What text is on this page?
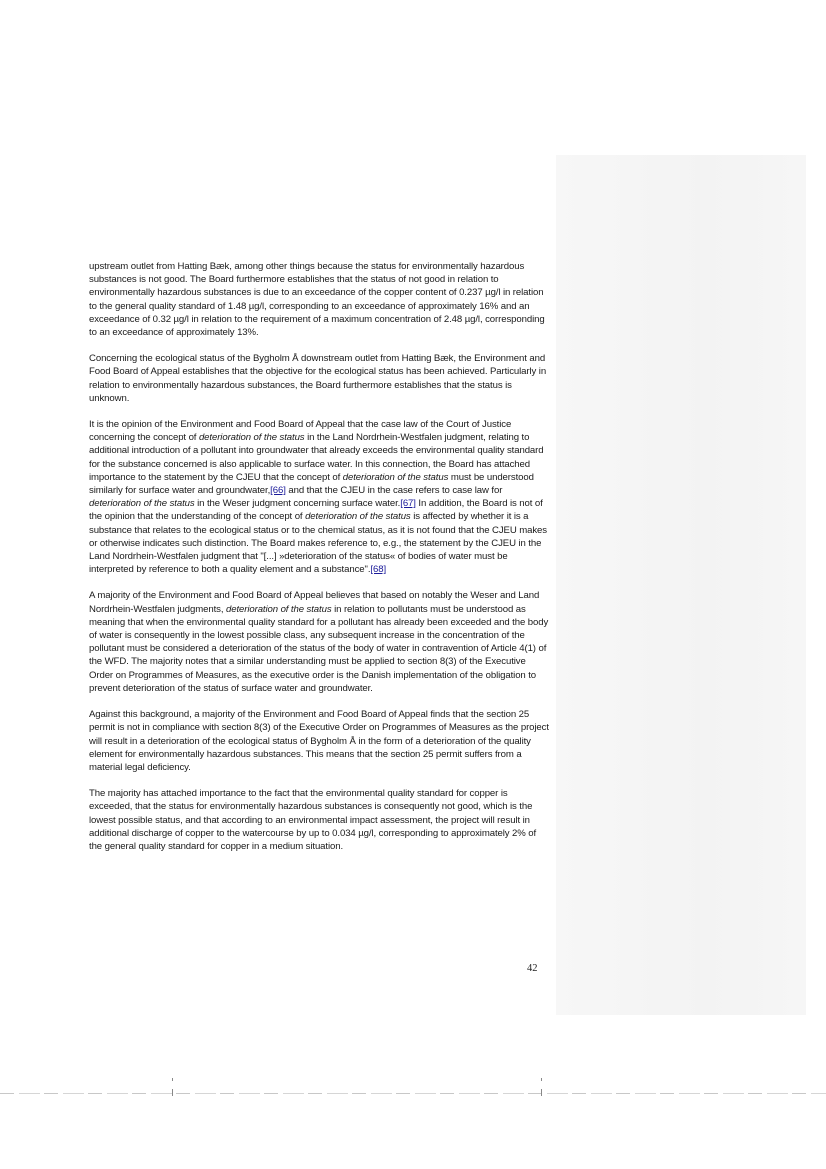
upstream outlet from Hatting Bæk, among other things because the status for environmentally hazardous substances is not good. The Board furthermore establishes that the status of not good in relation to environmentally hazardous substances is due to an exceedance of the copper content of 0.237 µg/l in relation to the general quality standard of 1.48 µg/l, corresponding to an exceedance of approximately 16% and an exceedance of 0.32 µg/l in relation to the requirement of a maximum concentration of 2.48 µg/l, corresponding to an exceedance of approximately 13%.

Concerning the ecological status of the Bygholm Å downstream outlet from Hatting Bæk, the Environment and Food Board of Appeal establishes that the objective for the ecological status has been achieved. Particularly in relation to environmentally hazardous substances, the Board furthermore establishes that the status is unknown.

It is the opinion of the Environment and Food Board of Appeal that the case law of the Court of Justice concerning the concept of deterioration of the status in the Land Nordrhein-Westfalen judgment, relating to additional introduction of a pollutant into groundwater that already exceeds the environmental quality standard for the substance concerned is also applicable to surface water. In this connection, the Board has attached importance to the statement by the CJEU that the concept of deterioration of the status must be understood similarly for surface water and groundwater,[66] and that the CJEU in the case refers to case law for deterioration of the status in the Weser judgment concerning surface water.[67] In addition, the Board is not of the opinion that the understanding of the concept of deterioration of the status is affected by whether it is a substance that relates to the ecological status or to the chemical status, as it is not found that the CJEU makes or otherwise indicates such distinction. The Board makes reference to, e.g., the statement by the CJEU in the Land Nordrhein-Westfalen judgment that "[...] »deterioration of the status« of bodies of water must be interpreted by reference to both a quality element and a substance".[68]

A majority of the Environment and Food Board of Appeal believes that based on notably the Weser and Land Nordrhein-Westfalen judgments, deterioration of the status in relation to pollutants must be understood as meaning that when the environmental quality standard for a pollutant has already been exceeded and the body of water is consequently in the lowest possible class, any subsequent increase in the concentration of the pollutant must be considered a deterioration of the status of the body of water in contravention of Article 4(1) of the WFD. The majority notes that a similar understanding must be applied to section 8(3) of the Executive Order on Programmes of Measures, as the executive order is the Danish implementation of the obligation to prevent deterioration of the status of surface water and groundwater.

Against this background, a majority of the Environment and Food Board of Appeal finds that the section 25 permit is not in compliance with section 8(3) of the Executive Order on Programmes of Measures as the project will result in a deterioration of the ecological status of Bygholm Å in the form of a deterioration of the quality element for environmentally hazardous substances. This means that the section 25 permit suffers from a material legal deficiency.

The majority has attached importance to the fact that the environmental quality standard for copper is exceeded, that the status for environmentally hazardous substances is consequently not good, which is the lowest possible status, and that according to an environmental impact assessment, the project will result in additional discharge of copper to the watercourse by up to 0.034 µg/l, corresponding to approximately 2% of the general quality standard for copper in a medium situation.

42
